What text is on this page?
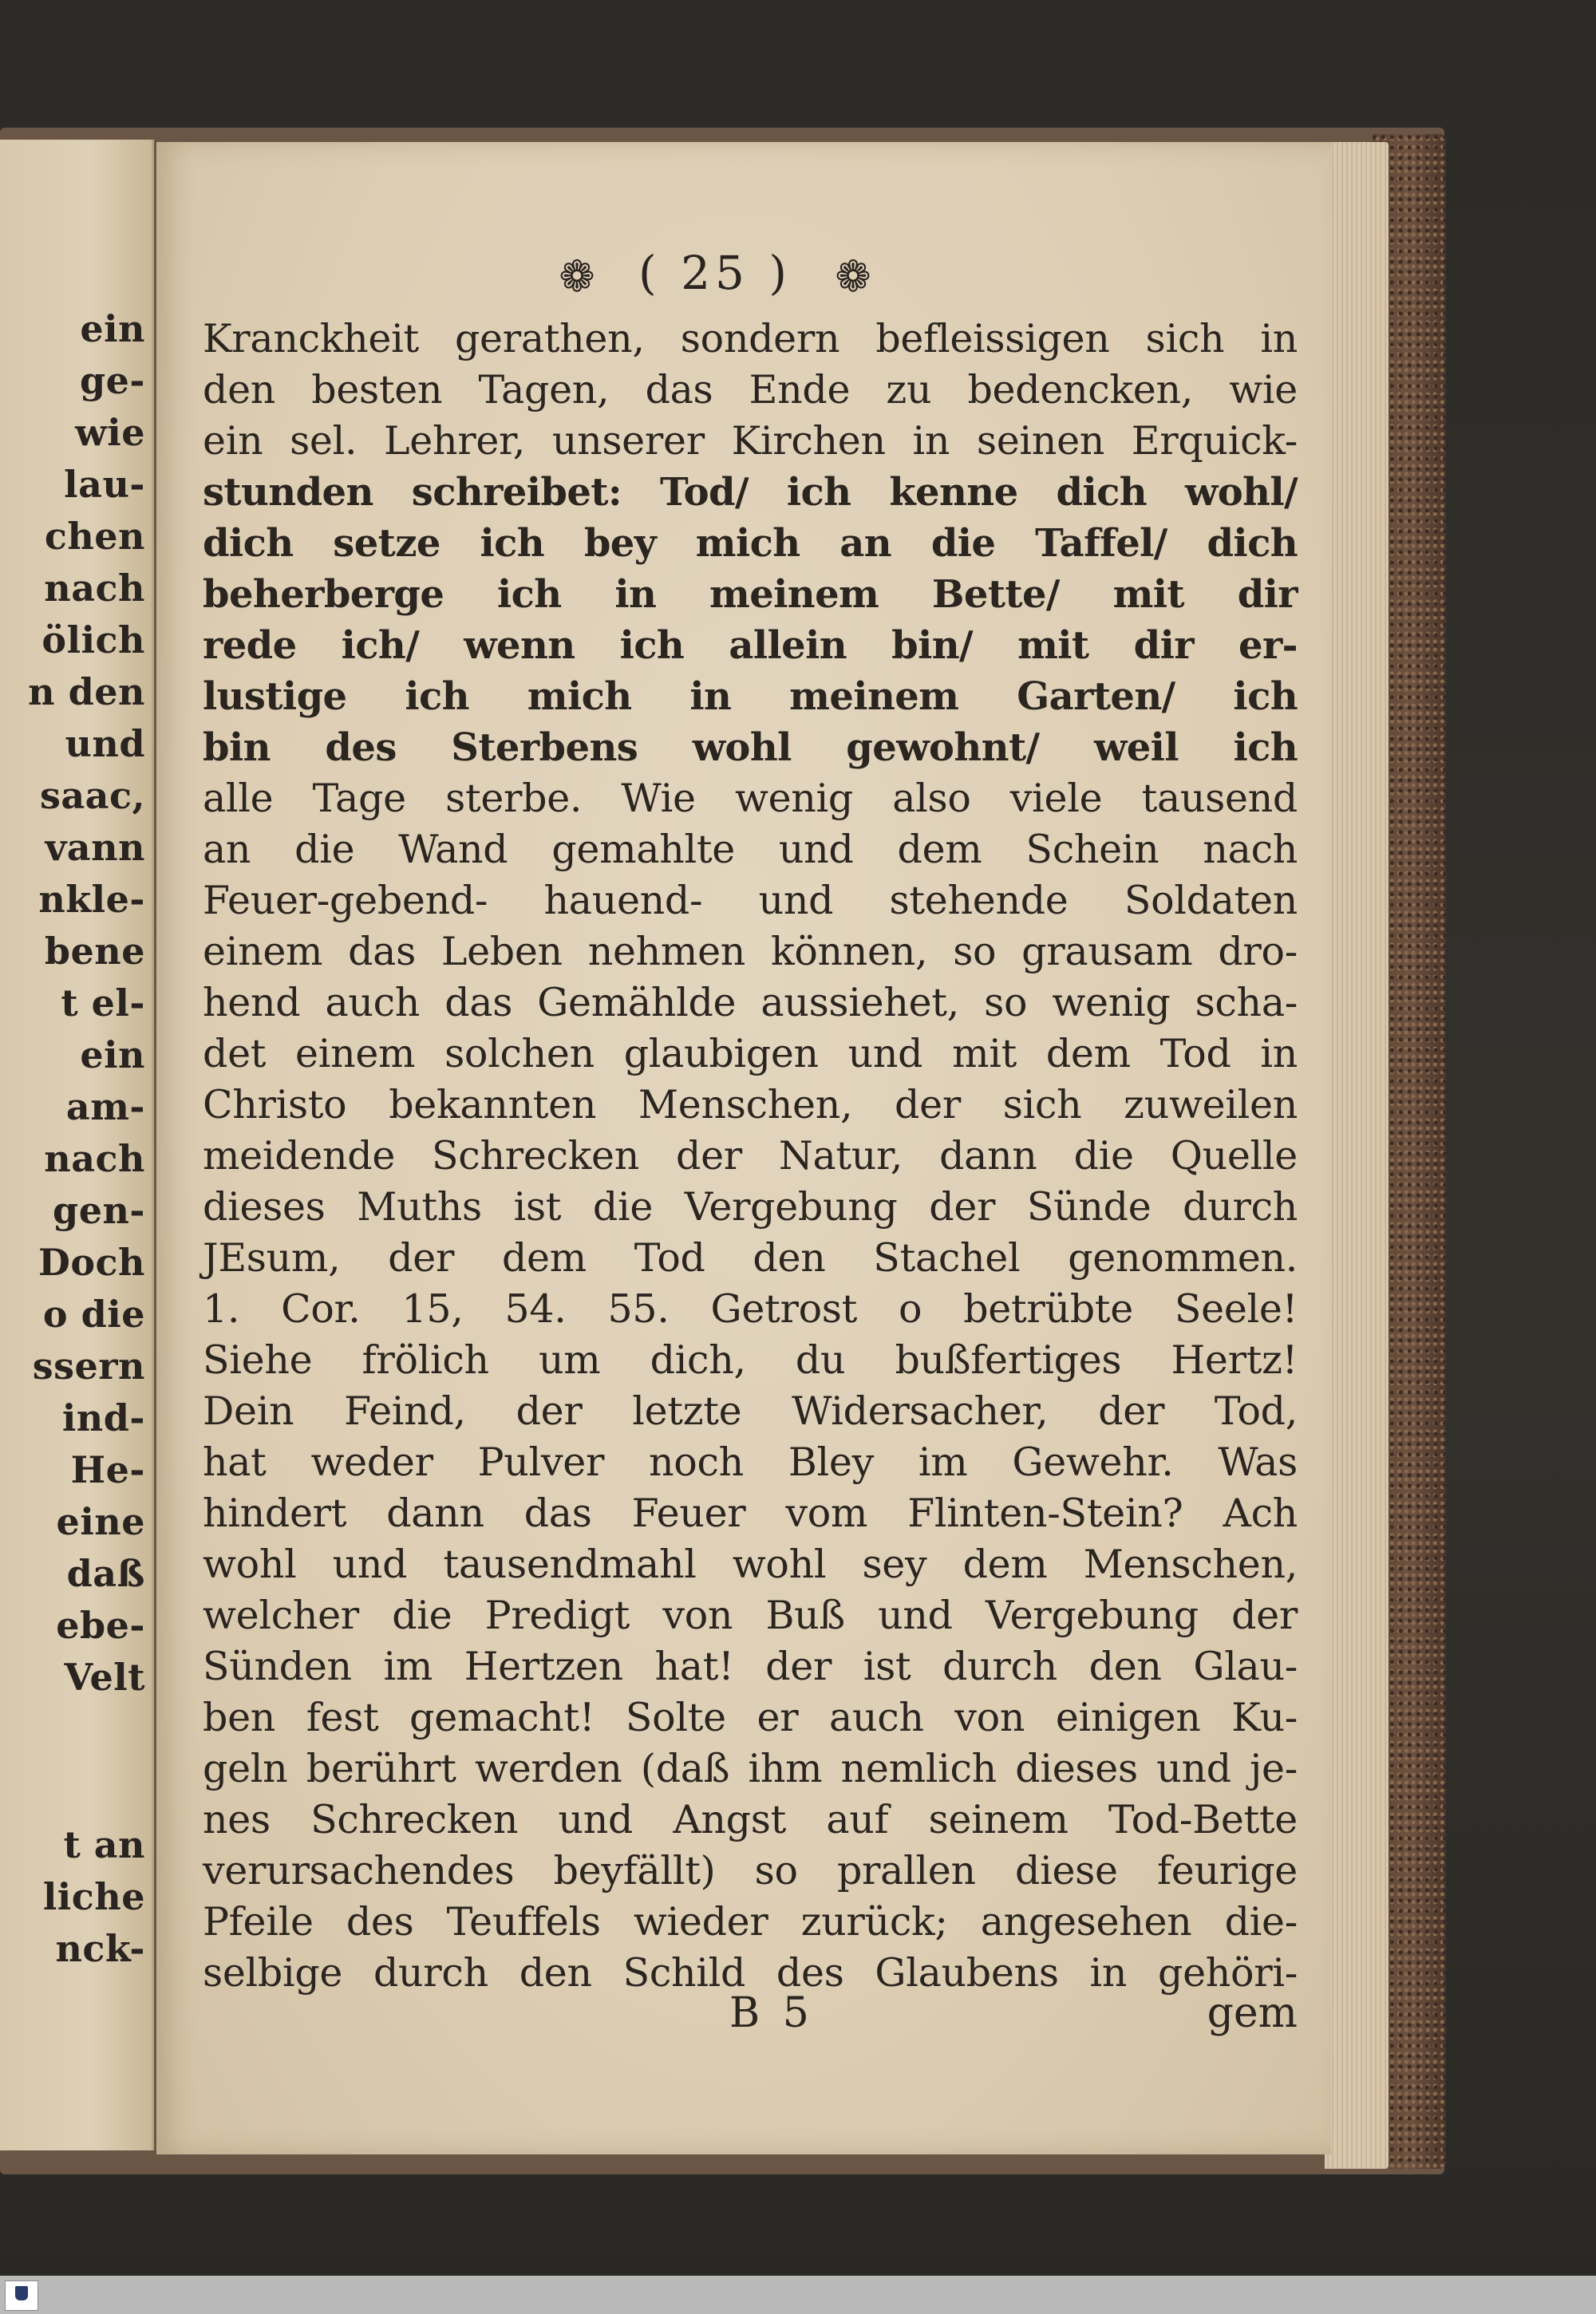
ein
ge-
wie
lau-
chen
nach
ölich
n den
und
saac,
vann
nkle-
bene
t el-
ein
am-
nach
gen-
Doch
o die
ssern
ind-
He-
eine
daß
ebe-
Velt
t an
liche
nck-
❁ ( 25 ) ❁
Kranckheit gerathen, sondern befleissigen sich in
den besten Tagen, das Ende zu bedencken, wie
ein sel. Lehrer, unserer Kirchen in seinen Erquick-
stunden schreibet: Tod/ ich kenne dich wohl/
dich setze ich bey mich an die Taffel/ dich
beherberge ich in meinem Bette/ mit dir
rede ich/ wenn ich allein bin/ mit dir er-
lustige ich mich in meinem Garten/ ich
bin des Sterbens wohl gewohnt/ weil ich
alle Tage sterbe. Wie wenig also viele tausend
an die Wand gemahlte und dem Schein nach
Feuer-gebend- hauend- und stehende Soldaten
einem das Leben nehmen können, so grausam dro-
hend auch das Gemählde aussiehet, so wenig scha-
det einem solchen glaubigen und mit dem Tod in
Christo bekannten Menschen, der sich zuweilen
meidende Schrecken der Natur, dann die Quelle
dieses Muths ist die Vergebung der Sünde durch
JEsum, der dem Tod den Stachel genommen.
1. Cor. 15, 54. 55. Getrost o betrübte Seele!
Siehe frölich um dich, du bußfertiges Hertz!
Dein Feind, der letzte Widersacher, der Tod,
hat weder Pulver noch Bley im Gewehr. Was
hindert dann das Feuer vom Flinten-Stein? Ach
wohl und tausendmahl wohl sey dem Menschen,
welcher die Predigt von Buß und Vergebung der
Sünden im Hertzen hat! der ist durch den Glau-
ben fest gemacht! Solte er auch von einigen Ku-
geln berührt werden (daß ihm nemlich dieses und je-
nes Schrecken und Angst auf seinem Tod-Bette
verursachendes beyfällt) so prallen diese feurige
Pfeile des Teuffels wieder zurück; angesehen die-
selbige durch den Schild des Glaubens in gehöri-
B 5	gem
